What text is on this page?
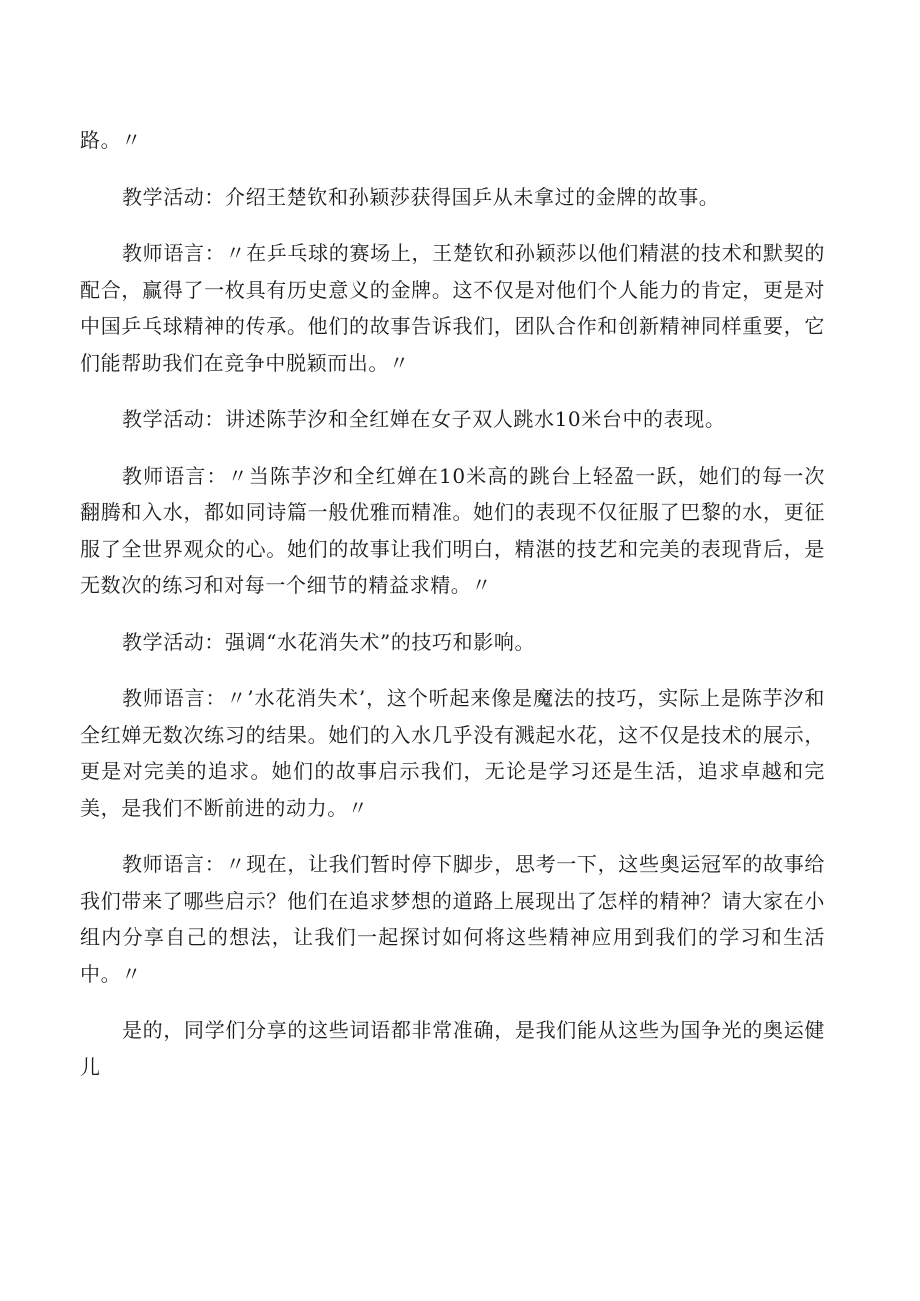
路。〃

教学活动：介绍王楚钦和孙颖莎获得国乒从未拿过的金牌的故事。

教师语言：〃在乒乓球的赛场上，王楚钦和孙颖莎以他们精湛的技术和默契的配合，赢得了一枚具有历史意义的金牌。这不仅是对他们个人能力的肯定，更是对中国乒乓球精神的传承。他们的故事告诉我们，团队合作和创新精神同样重要，它们能帮助我们在竞争中脱颖而出。〃

教学活动：讲述陈芋汐和全红婵在女子双人跳水10米台中的表现。

教师语言：〃当陈芋汐和全红婵在10米高的跳台上轻盈一跃，她们的每一次翻腾和入水，都如同诗篇一般优雅而精准。她们的表现不仅征服了巴黎的水，更征服了全世界观众的心。她们的故事让我们明白，精湛的技艺和完美的表现背后，是无数次的练习和对每一个细节的精益求精。〃

教学活动：强调“水花消失术”的技巧和影响。

教师语言：〃’水花消失术’，这个听起来像是魔法的技巧，实际上是陈芋汐和全红婵无数次练习的结果。她们的入水几乎没有溅起水花，这不仅是技术的展示，更是对完美的追求。她们的故事启示我们，无论是学习还是生活，追求卓越和完美，是我们不断前进的动力。〃

教师语言：〃现在，让我们暂时停下脚步，思考一下，这些奥运冠军的故事给我们带来了哪些启示？他们在追求梦想的道路上展现出了怎样的精神？请大家在小组内分享自己的想法，让我们一起探讨如何将这些精神应用到我们的学习和生活中。〃

是的，同学们分享的这些词语都非常准确，是我们能从这些为国争光的奥运健儿
